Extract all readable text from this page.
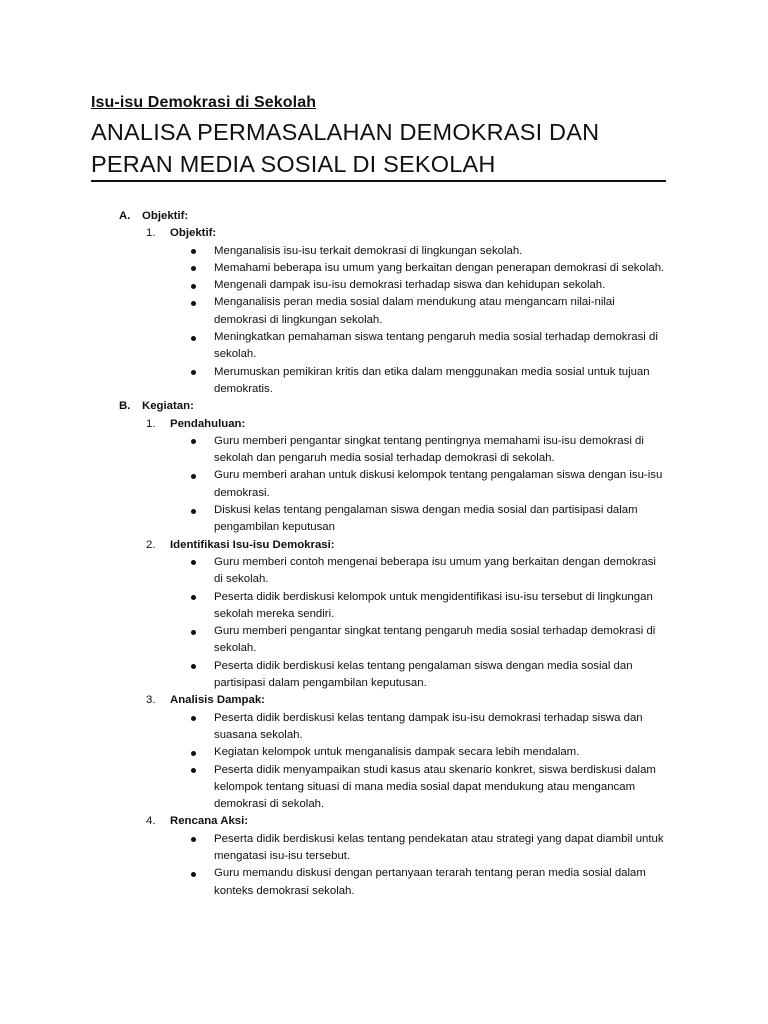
Isu-isu Demokrasi di Sekolah
ANALISA PERMASALAHAN DEMOKRASI DAN PERAN MEDIA SOSIAL DI SEKOLAH
A. Objektif:
1. Objektif:
Menganalisis isu-isu terkait demokrasi di lingkungan sekolah.
Memahami beberapa isu umum yang berkaitan dengan penerapan demokrasi di sekolah.
Mengenali dampak isu-isu demokrasi terhadap siswa dan kehidupan sekolah.
Menganalisis peran media sosial dalam mendukung atau mengancam nilai-nilai demokrasi di lingkungan sekolah.
Meningkatkan pemahaman siswa tentang pengaruh media sosial terhadap demokrasi di sekolah.
Merumuskan pemikiran kritis dan etika dalam menggunakan media sosial untuk tujuan demokratis.
B. Kegiatan:
1. Pendahuluan:
Guru memberi pengantar singkat tentang pentingnya memahami isu-isu demokrasi di sekolah dan pengaruh media sosial terhadap demokrasi di sekolah.
Guru memberi arahan untuk diskusi kelompok tentang pengalaman siswa dengan isu-isu demokrasi.
Diskusi kelas tentang pengalaman siswa dengan media sosial dan partisipasi dalam pengambilan keputusan
2. Identifikasi Isu-isu Demokrasi:
Guru memberi contoh mengenai beberapa isu umum yang berkaitan dengan demokrasi di sekolah.
Peserta didik berdiskusi kelompok untuk mengidentifikasi isu-isu tersebut di lingkungan sekolah mereka sendiri.
Guru memberi pengantar singkat tentang pengaruh media sosial terhadap demokrasi di sekolah.
Peserta didik berdiskusi kelas tentang pengalaman siswa dengan media sosial dan partisipasi dalam pengambilan keputusan.
3. Analisis Dampak:
Peserta didik berdiskusi kelas tentang dampak isu-isu demokrasi terhadap siswa dan suasana sekolah.
Kegiatan kelompok untuk menganalisis dampak secara lebih mendalam.
Peserta didik menyampaikan studi kasus atau skenario konkret, siswa berdiskusi dalam kelompok tentang situasi di mana media sosial dapat mendukung atau mengancam demokrasi di sekolah.
4. Rencana Aksi:
Peserta didik berdiskusi kelas tentang pendekatan atau strategi yang dapat diambil untuk mengatasi isu-isu tersebut.
Guru memandu diskusi dengan pertanyaan terarah tentang peran media sosial dalam konteks demokrasi sekolah.
